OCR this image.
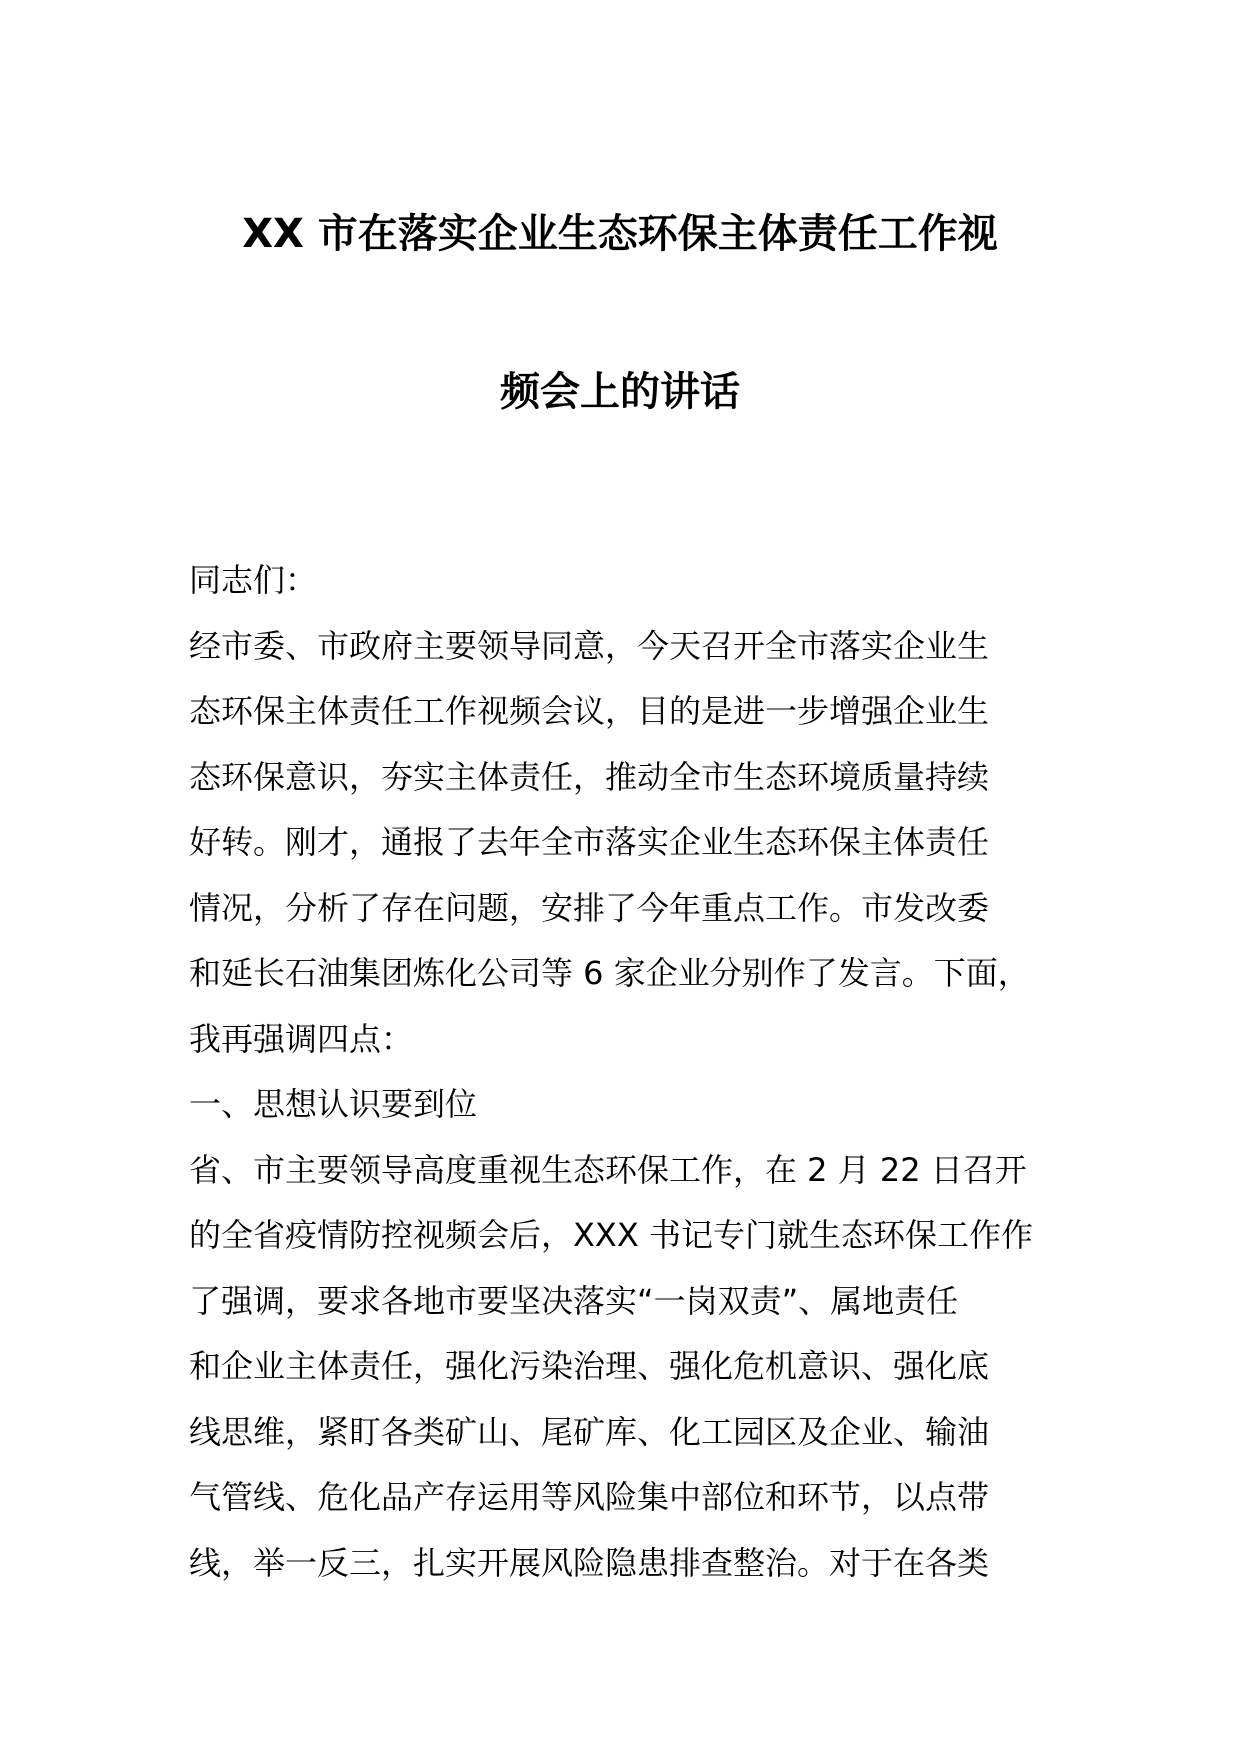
XX 市在落实企业生态环保主体责任工作视
频会上的讲话
同志们：
经市委、市政府主要领导同意，今天召开全市落实企业生
态环保主体责任工作视频会议，目的是进一步增强企业生
态环保意识，夯实主体责任，推动全市生态环境质量持续
好转。刚才，通报了去年全市落实企业生态环保主体责任
情况，分析了存在问题，安排了今年重点工作。市发改委
和延长石油集团炼化公司等 6 家企业分别作了发言。下面，
我再强调四点：
一、思想认识要到位
省、市主要领导高度重视生态环保工作，在 2 月 22 日召开
的全省疫情防控视频会后，XXX 书记专门就生态环保工作作
了强调，要求各地市要坚决落实“一岗双责”、属地责任
和企业主体责任，强化污染治理、强化危机意识、强化底
线思维，紧盯各类矿山、尾矿库、化工园区及企业、输油
气管线、危化品产存运用等风险集中部位和环节，以点带
线，举一反三，扎实开展风险隐患排查整治。对于在各类
